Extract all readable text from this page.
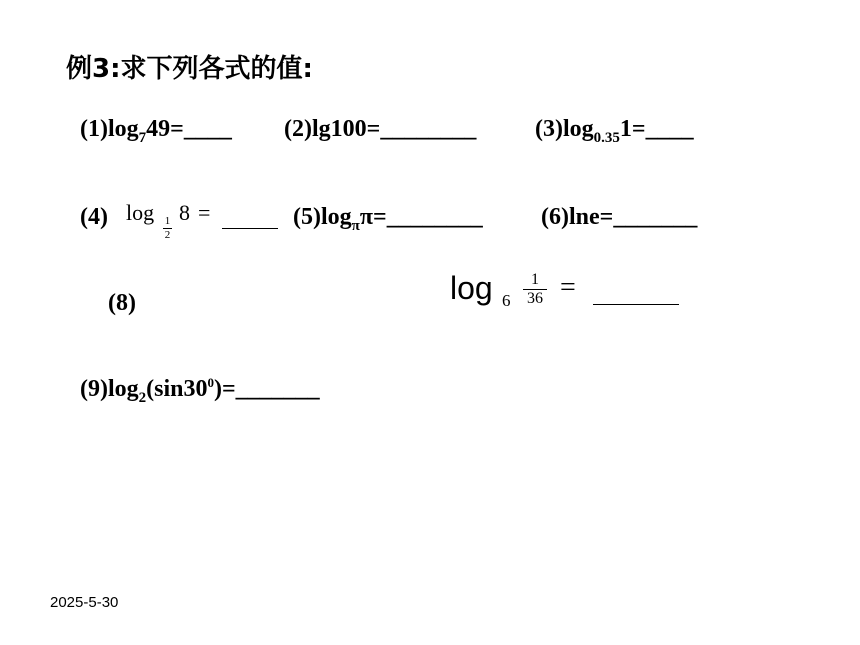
例3:求下列各式的值:
$(1)\log_749=\_\_\_\_$ (2)lg100=________ $(3)\log_{0.35}1=\_\_\_\_$
(4) log 1
2
8 =	$(5)\log_\pi\pi=\_\_\_\_\_\_\_\_$ (6)lne=_______
(8)	log 6
1
36 =
$(9)\log_2(\sin 30^0)=\_\_\_\_\_\_\_$
2025-5-30
